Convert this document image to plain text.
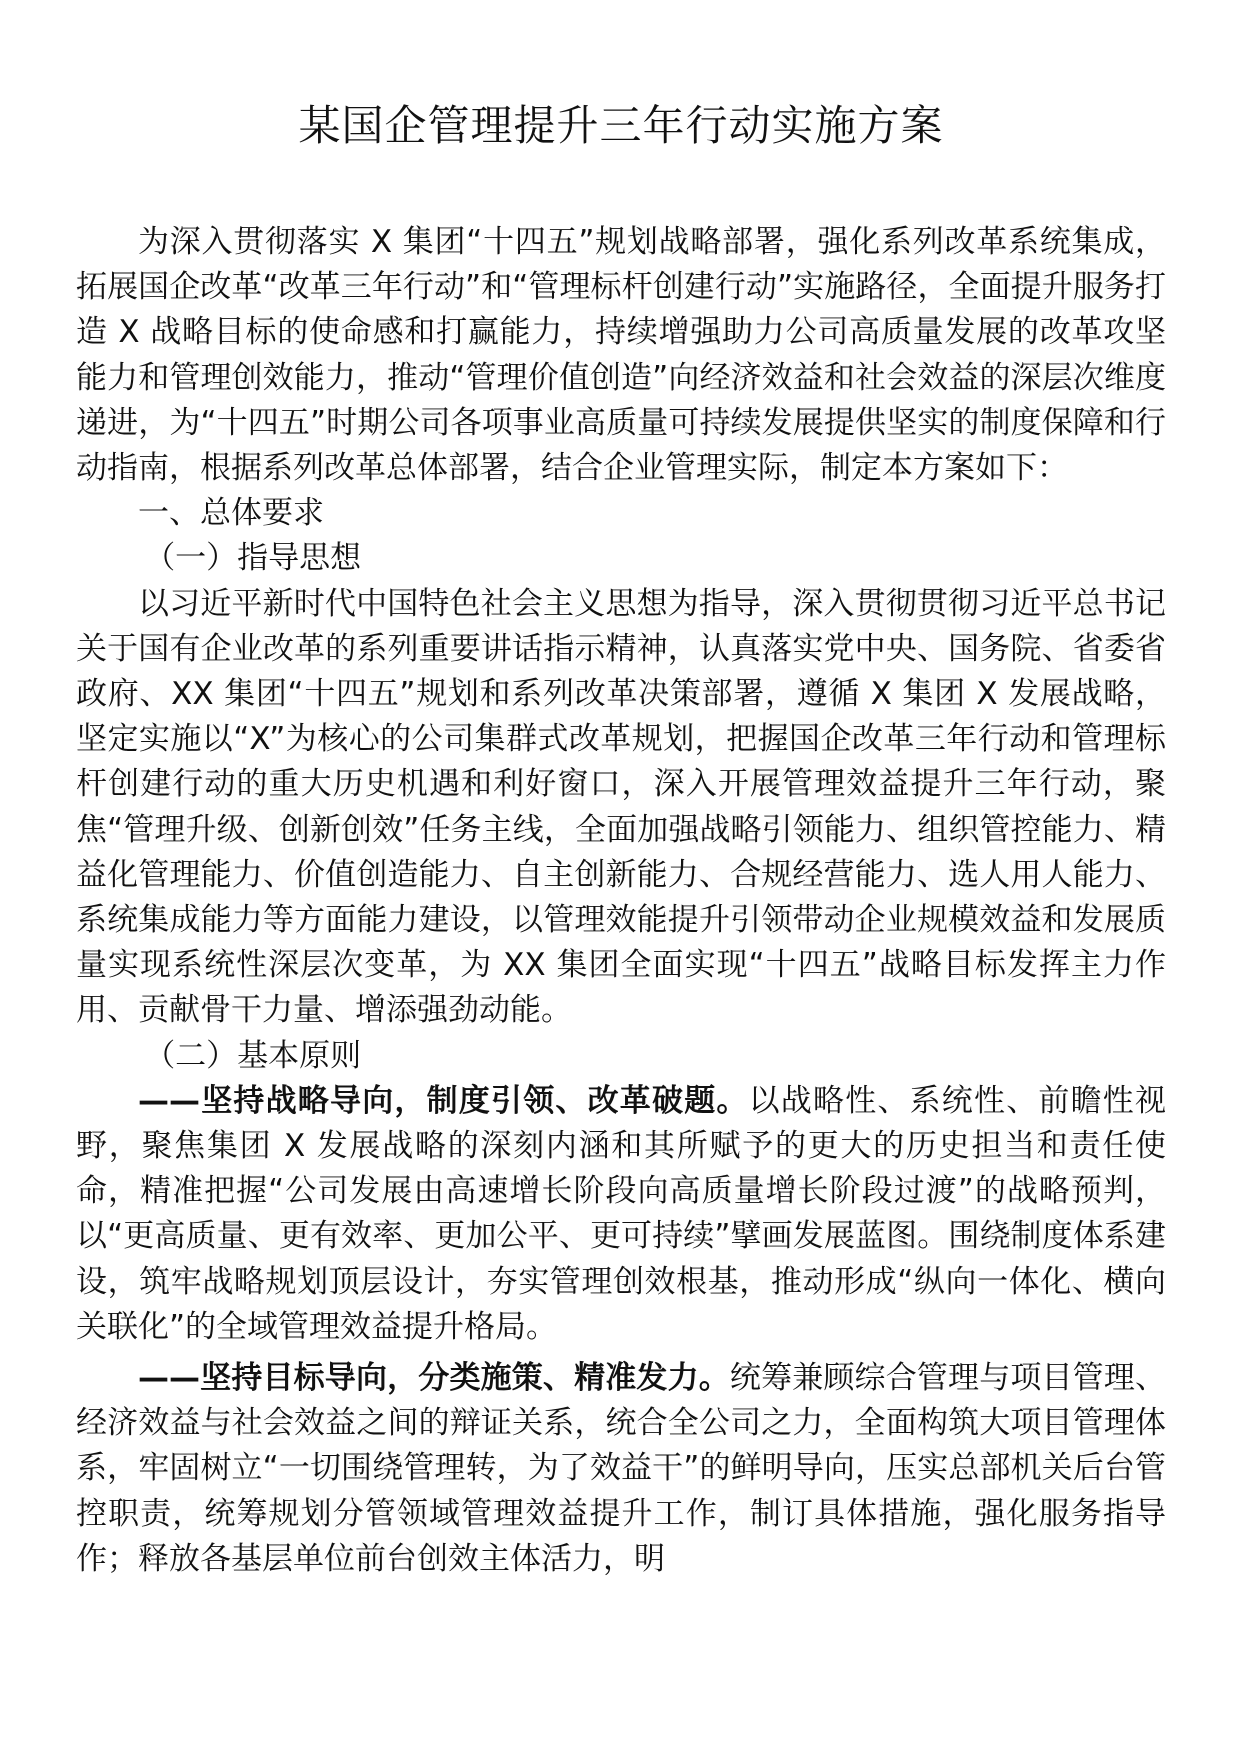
某国企管理提升三年行动实施方案

为深入贯彻落实 X 集团“十四五”规划战略部署，强化系列改革系统集成，拓展国企改革“改革三年行动”和“管理标杆创建行动”实施路径，全面提升服务打造 X 战略目标的使命感和打赢能力，持续增强助力公司高质量发展的改革攻坚能力和管理创效能力，推动“管理价值创造”向经济效益和社会效益的深层次维度递进，为“十四五”时期公司各项事业高质量可持续发展提供坚实的制度保障和行动指南，根据系列改革总体部署，结合企业管理实际，制定本方案如下：

一、总体要求

（一）指导思想

以习近平新时代中国特色社会主义思想为指导，深入贯彻贯彻习近平总书记关于国有企业改革的系列重要讲话指示精神，认真落实党中央、国务院、省委省政府、XX 集团“十四五”规划和系列改革决策部署，遵循 X 集团 X 发展战略，坚定实施以“X”为核心的公司集群式改革规划，把握国企改革三年行动和管理标杆创建行动的重大历史机遇和利好窗口，深入开展管理效益提升三年行动，聚焦“管理升级、创新创效”任务主线，全面加强战略引领能力、组织管控能力、精益化管理能力、价值创造能力、自主创新能力、合规经营能力、选人用人能力、系统集成能力等方面能力建设，以管理效能提升引领带动企业规模效益和发展质量实现系统性深层次变革，为 XX 集团全面实现“十四五”战略目标发挥主力作用、贡献骨干力量、增添强劲动能。

（二）基本原则

——坚持战略导向，制度引领、改革破题。以战略性、系统性、前瞻性视野，聚焦集团 X 发展战略的深刻内涵和其所赋予的更大的历史担当和责任使命，精准把握“公司发展由高速增长阶段向高质量增长阶段过渡”的战略预判，以“更高质量、更有效率、更加公平、更可持续”擘画发展蓝图。围绕制度体系建设，筑牢战略规划顶层设计，夯实管理创效根基，推动形成“纵向一体化、横向关联化”的全域管理效益提升格局。

——坚持目标导向，分类施策、精准发力。统筹兼顾综合管理与项目管理、经济效益与社会效益之间的辩证关系，统合全公司之力，全面构筑大项目管理体系，牢固树立“一切围绕管理转，为了效益干”的鲜明导向，压实总部机关后台管控职责，统筹规划分管领域管理效益提升工作，制订具体措施，强化服务指导作；释放各基层单位前台创效主体活力，明
